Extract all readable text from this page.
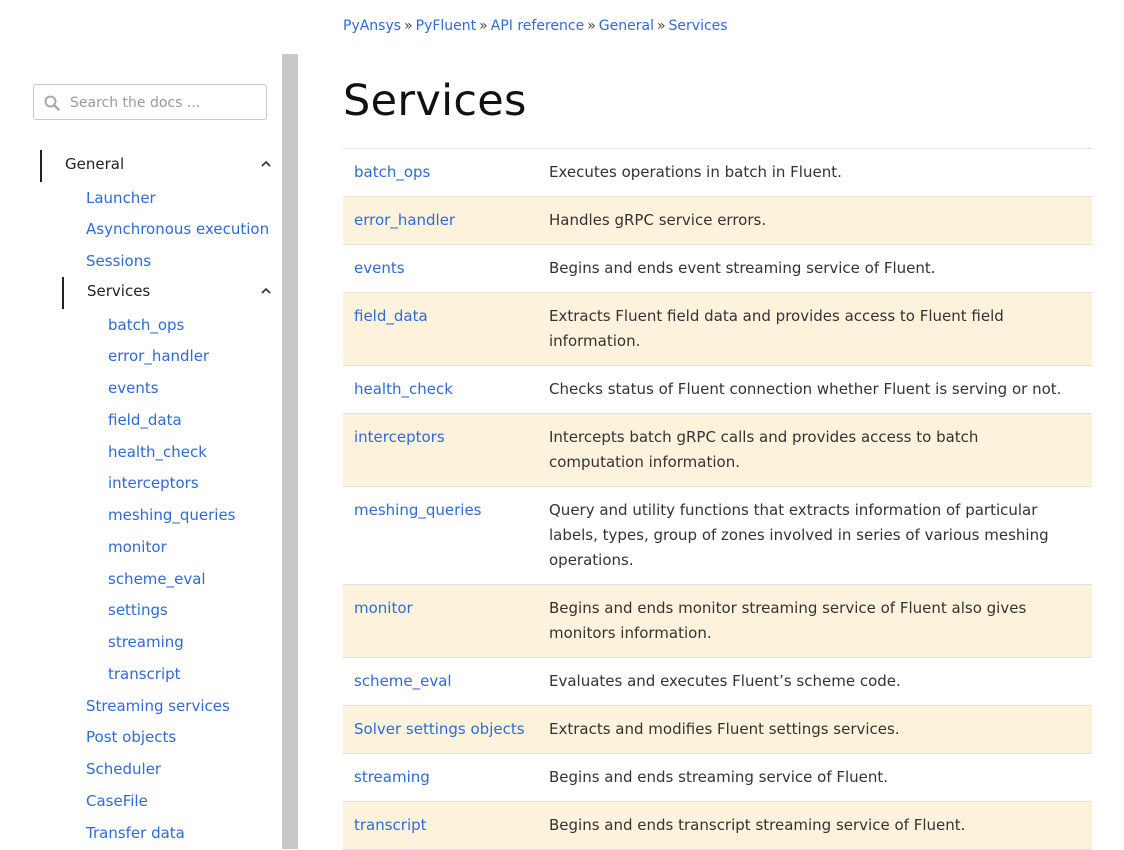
Search the docs ...
General
Launcher
Asynchronous execution
Sessions
Services
batch_ops
error_handler
events
field_data
health_check
interceptors
meshing_queries
monitor
scheme_eval
settings
streaming
transcript
Streaming services
Post objects
Scheduler
CaseFile
Transfer data
PyAnsys » PyFluent » API reference » General » Services
Services
batch_ops	Executes operations in batch in Fluent.
error_handler	Handles gRPC service errors.
events	Begins and ends event streaming service of Fluent.
field_data	Extracts Fluent field data and provides access to Fluent field information.
health_check	Checks status of Fluent connection whether Fluent is serving or not.
interceptors	Intercepts batch gRPC calls and provides access to batch computation information.
meshing_queries	Query and utility functions that extracts information of particular labels, types, group of zones involved in series of various meshing operations.
monitor	Begins and ends monitor streaming service of Fluent also gives monitors information.
scheme_eval	Evaluates and executes Fluent’s scheme code.
Solver settings objects	Extracts and modifies Fluent settings services.
streaming	Begins and ends streaming service of Fluent.
transcript	Begins and ends transcript streaming service of Fluent.
